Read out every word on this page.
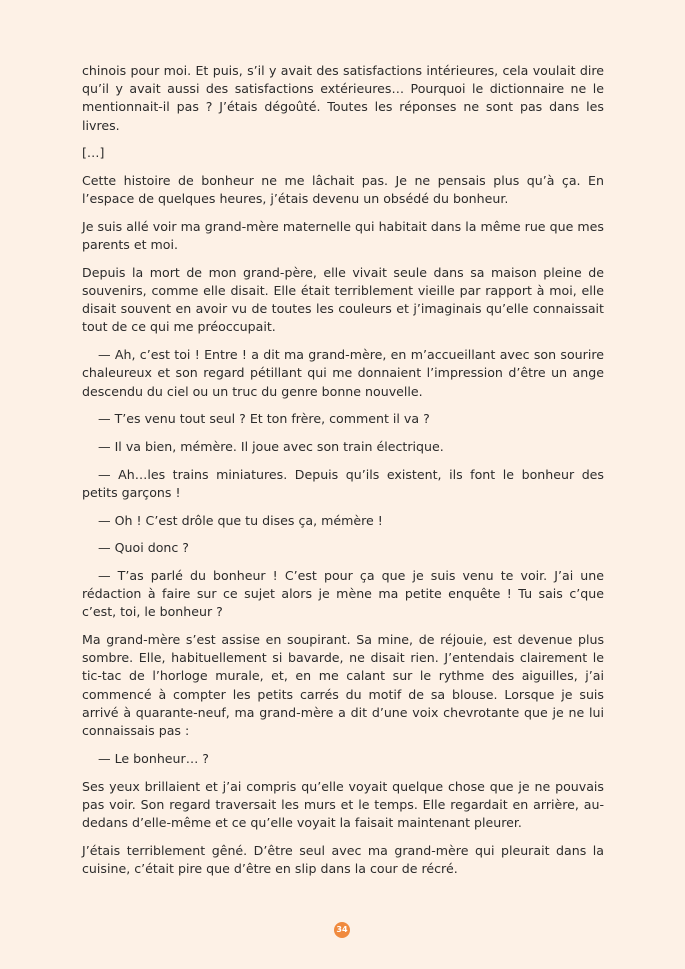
chinois pour moi. Et puis, s’il y avait des satisfactions intérieures, cela voulait dire qu’il y avait aussi des satisfactions extérieures… Pourquoi le dictionnaire ne le mentionnait-il pas ? J’étais dégoûté. Toutes les réponses ne sont pas dans les livres.

[…]

Cette histoire de bonheur ne me lâchait pas. Je ne pensais plus qu’à ça. En l’espace de quelques heures, j’étais devenu un obsédé du bonheur.

Je suis allé voir ma grand-mère maternelle qui habitait dans la même rue que mes parents et moi.

Depuis la mort de mon grand-père, elle vivait seule dans sa maison pleine de souvenirs, comme elle disait. Elle était terriblement vieille par rapport à moi, elle disait souvent en avoir vu de toutes les couleurs et j’imaginais qu’elle connaissait tout de ce qui me préoccupait.

— Ah, c’est toi ! Entre ! a dit ma grand-mère, en m’accueillant avec son sourire chaleureux et son regard pétillant qui me donnaient l’impression d’être un ange descendu du ciel ou un truc du genre bonne nouvelle.

— T’es venu tout seul ? Et ton frère, comment il va ?

— Il va bien, mémère. Il joue avec son train électrique.

— Ah…les trains miniatures. Depuis qu’ils existent, ils font le bonheur des petits garçons !

— Oh ! C’est drôle que tu dises ça, mémère !

— Quoi donc ?

— T’as parlé du bonheur ! C’est pour ça que je suis venu te voir. J’ai une rédaction à faire sur ce sujet alors je mène ma petite enquête ! Tu sais c’que c’est, toi, le bonheur ?

Ma grand-mère s’est assise en soupirant. Sa mine, de réjouie, est devenue plus sombre. Elle, habituellement si bavarde, ne disait rien. J’entendais clairement le tic-tac de l’horloge murale, et, en me calant sur le rythme des aiguilles, j’ai commencé à compter les petits carrés du motif de sa blouse. Lorsque je suis arrivé à quarante-neuf, ma grand-mère a dit d’une voix chevrotante que je ne lui connaissais pas :

— Le bonheur… ?

Ses yeux brillaient et j’ai compris qu’elle voyait quelque chose que je ne pouvais pas voir. Son regard traversait les murs et le temps. Elle regardait en arrière, au-dedans d’elle-même et ce qu’elle voyait la faisait maintenant pleurer.

J’étais terriblement gêné. D’être seul avec ma grand-mère qui pleurait dans la cuisine, c’était pire que d’être en slip dans la cour de récré.

34
